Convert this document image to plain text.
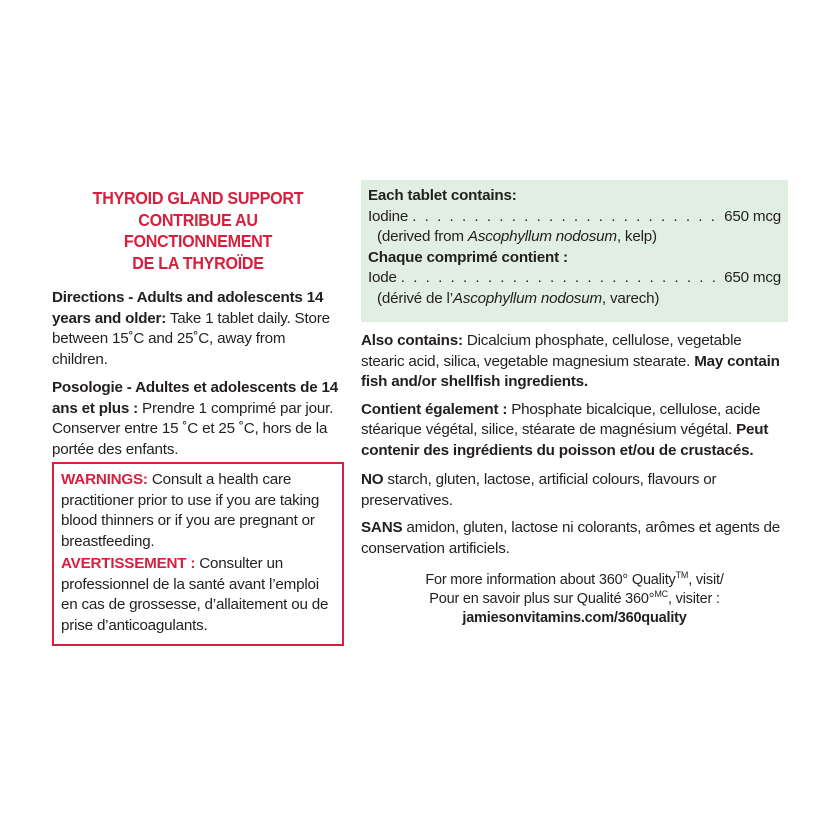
THYROID GLAND SUPPORT
CONTRIBUE AU FONCTIONNEMENT
DE LA THYROÏDE
Directions - Adults and adolescents 14 years and older: Take 1 tablet daily. Store between 15˚C and 25˚C, away from children.
Posologie - Adultes et adolescents de 14 ans et plus : Prendre 1 comprimé par jour. Conserver entre 15 ˚C et 25 ˚C, hors de la portée des enfants.
WARNINGS: Consult a health care practitioner prior to use if you are taking blood thinners or if you are pregnant or breastfeeding.
AVERTISSEMENT : Consulter un professionnel de la santé avant l’emploi en cas de grossesse, d’allaitement ou de prise d’anticoagulants.
Each tablet contains:
Iodine . . .	650 mcg
(derived from Ascophyllum nodosum, kelp)
Chaque comprimé contient :
Iode . . .	650 mcg
(dérivé de l’Ascophyllum nodosum, varech)
Also contains: Dicalcium phosphate, cellulose, vegetable stearic acid, silica, vegetable magnesium stearate. May contain fish and/or shellfish ingredients.
Contient également : Phosphate bicalcique, cellulose, acide stéarique végétal, silice, stéarate de magnésium végétal. Peut contenir des ingrédients du poisson et/ou de crustacés.
NO starch, gluten, lactose, artificial colours, flavours or preservatives.
SANS amidon, gluten, lactose ni colorants, arômes et agents de conservation artificiels.
For more information about 360° Quality™, visit/
Pour en savoir plus sur Qualité 360°$^{MC}$, visiter :
jamiesonvitamins.com/360quality
